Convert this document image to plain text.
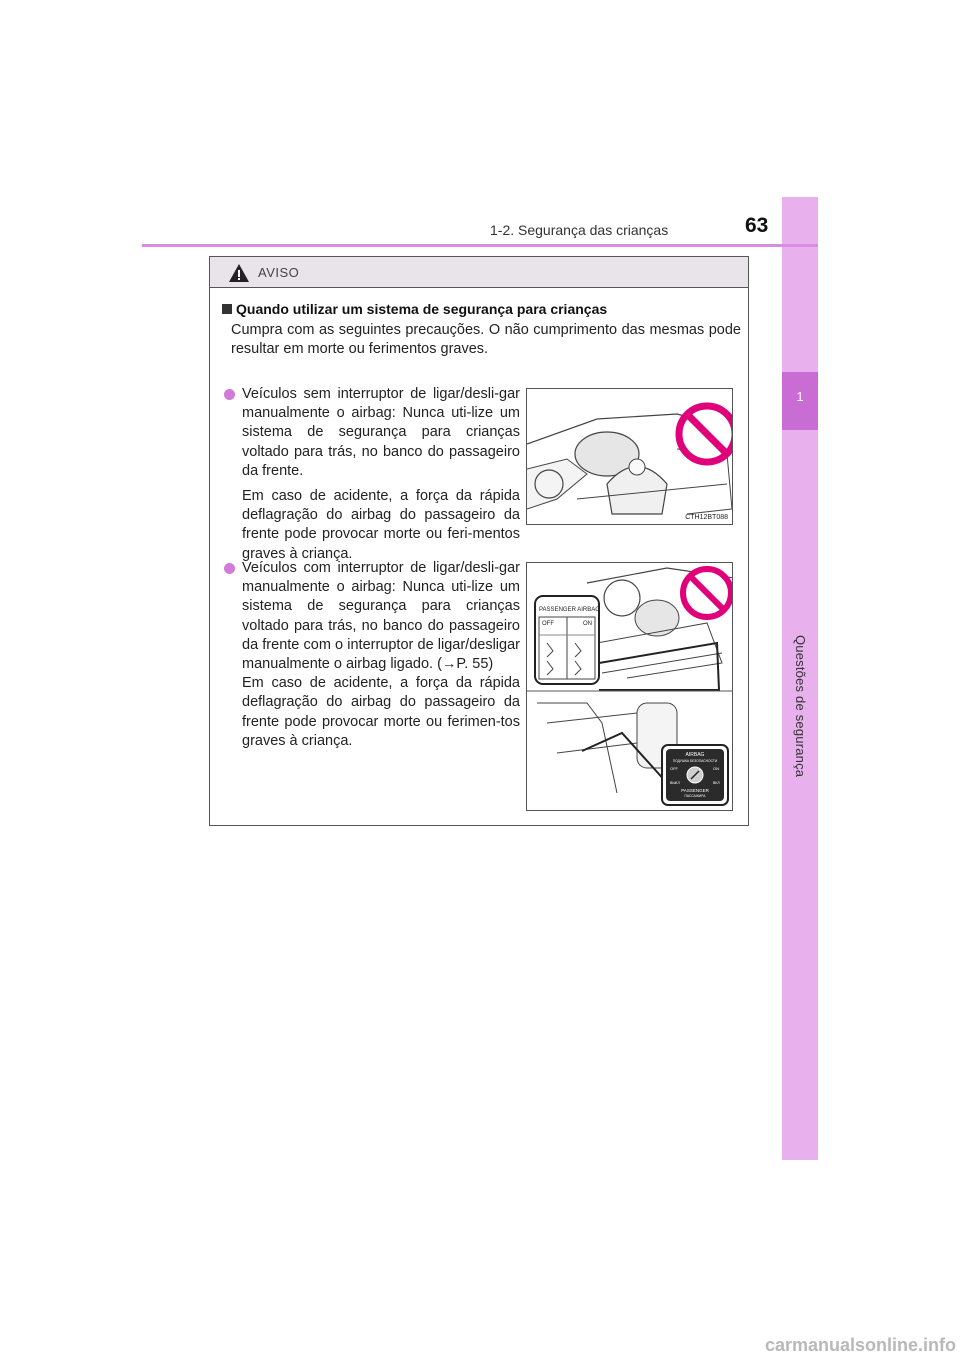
1
Questões de segurança
1-2. Segurança das crianças	63
AVISO
Quando utilizar um sistema de segurança para crianças
Cumpra com as seguintes precauções. O não cumprimento das mesmas pode resultar em morte ou ferimentos graves.

Veículos sem interruptor de ligar/desli-gar manualmente o airbag: Nunca uti-lize um sistema de segurança para crianças voltado para trás, no banco do passageiro da frente.

Em caso de acidente, a força da rápida deflagração do airbag do passageiro da frente pode provocar morte ou feri-mentos graves à criança.

CTH12BT088

Veículos com interruptor de ligar/desli-gar manualmente o airbag: Nunca uti-lize um sistema de segurança para crianças voltado para trás, no banco do passageiro da frente com o interruptor de ligar/desligar manualmente o airbag ligado. (→P. 55)

Em caso de acidente, a força da rápida deflagração do airbag do passageiro da frente pode provocar morte ou ferimen-tos graves à criança.

PASSENGER AIRBAG
OFF	ON
AIRBAG
ПОДУШКА БЕЗОПАСНОСТИ
OFF	ON
ВЫКЛ	ВКЛ
PASSENGER
ПАССАЖИРА
carmanualsonline.info
